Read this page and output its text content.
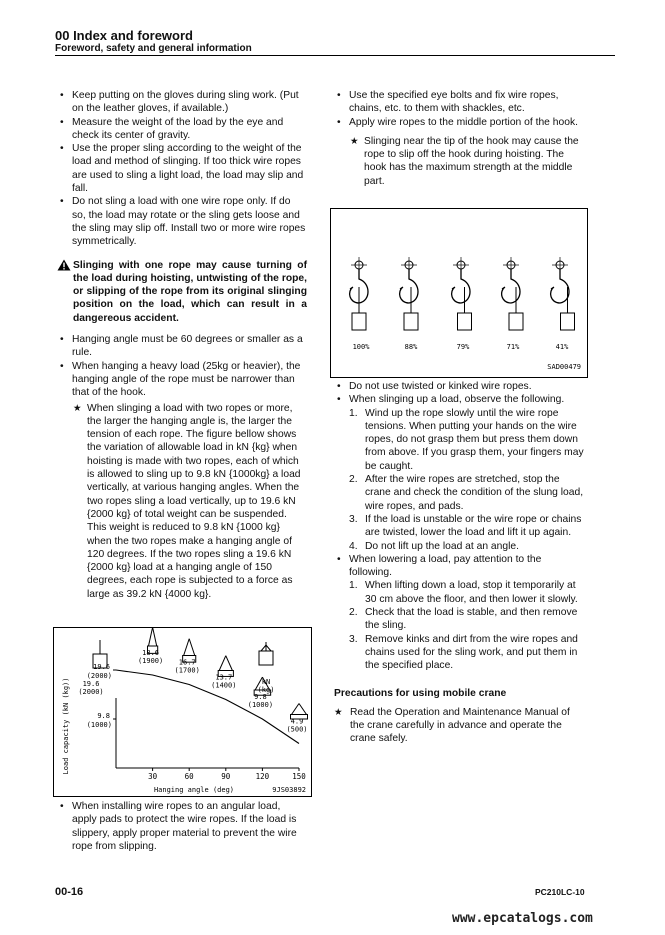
00 Index and foreword
Foreword, safety and general information
• Keep putting on the gloves during sling work. (Put on the leather gloves, if available.)
• Measure the weight of the load by the eye and check its center of gravity.
• Use the proper sling according to the weight of the load and method of slinging. If too thick wire ropes are used to sling a light load, the load may slip and fall.
• Do not sling a load with one wire rope only. If do so, the load may rotate or the sling gets loose and the sling may slip off. Install two or more wire ropes symmetrically.
Slinging with one rope may cause turning of the load during hoisting, untwisting of the rope, or slipping of the rope from its original slinging position on the load, which can result in a dangereous accident.
• Hanging angle must be 60 degrees or smaller as a rule.
• When hanging a heavy load (25kg or heavier), the hanging angle of the rope must be narrower than that of the hook.
★ When slinging a load with two ropes or more, the larger the hanging angle is, the larger the tension of each rope. The figure bellow shows the variation of allowable load in kN {kg} when hoisting is made with two ropes, each of which is allowed to sling up to 9.8 kN {1000kg} a load vertically, at various hanging angles. When the two ropes sling a load vertically, up to 19.6 kN {2000 kg} of total weight can be suspended. This weight is reduced to 9.8 kN {1000 kg} when the two ropes make a hanging angle of 120 degrees. If the two ropes sling a 19.6 kN {2000 kg} load at a hanging angle of 150 degrees, each rope is subjected to a force as large as 39.2 kN {4000 kg}.
30	60	90	120	150
19.6
(2000)
9.8
(1000)
18.6
(1900) 16.7
(1700)
13.7
(1400)
9.8
(1000)
4.9
(500)
19.6
(2000)
kN
(kg)
Hanging angle (deg)
Load capacity (kN (kg))
9JS03892
• When installing wire ropes to an angular load, apply pads to protect the wire ropes. If the load is slippery, apply proper material to prevent the wire rope from slipping.
• Use the specified eye bolts and fix wire ropes, chains, etc. to them with shackles, etc.
• Apply wire ropes to the middle portion of the hook.
★ Slinging near the tip of the hook may cause the rope to slip off the hook during hoisting. The hook has the maximum strength at the middle part.
100%	88%	79%	71%	41%
SAD00479
• Do not use twisted or kinked wire ropes.
• When slinging up a load, observe the following.
1. Wind up the rope slowly until the wire rope tensions. When putting your hands on the wire ropes, do not grasp them but press them down from above. If you grasp them, your fingers may be caught.
2. After the wire ropes are stretched, stop the crane and check the condition of the slung load, wire ropes, and pads.
3. If the load is unstable or the wire rope or chains are twisted, lower the load and lift it up again.
4. Do not lift up the load at an angle.
• When lowering a load, pay attention to the following.
1. When lifting down a load, stop it temporarily at 30 cm above the floor, and then lower it slowly.
2. Check that the load is stable, and then remove the sling.
3. Remove kinks and dirt from the wire ropes and chains used for the sling work, and put them in the specified place.
Precautions for using mobile crane
★ Read the Operation and Maintenance Manual of the crane carefully in advance and operate the crane safely.
00-16	PC210LC-10
www.epcatalogs.com
